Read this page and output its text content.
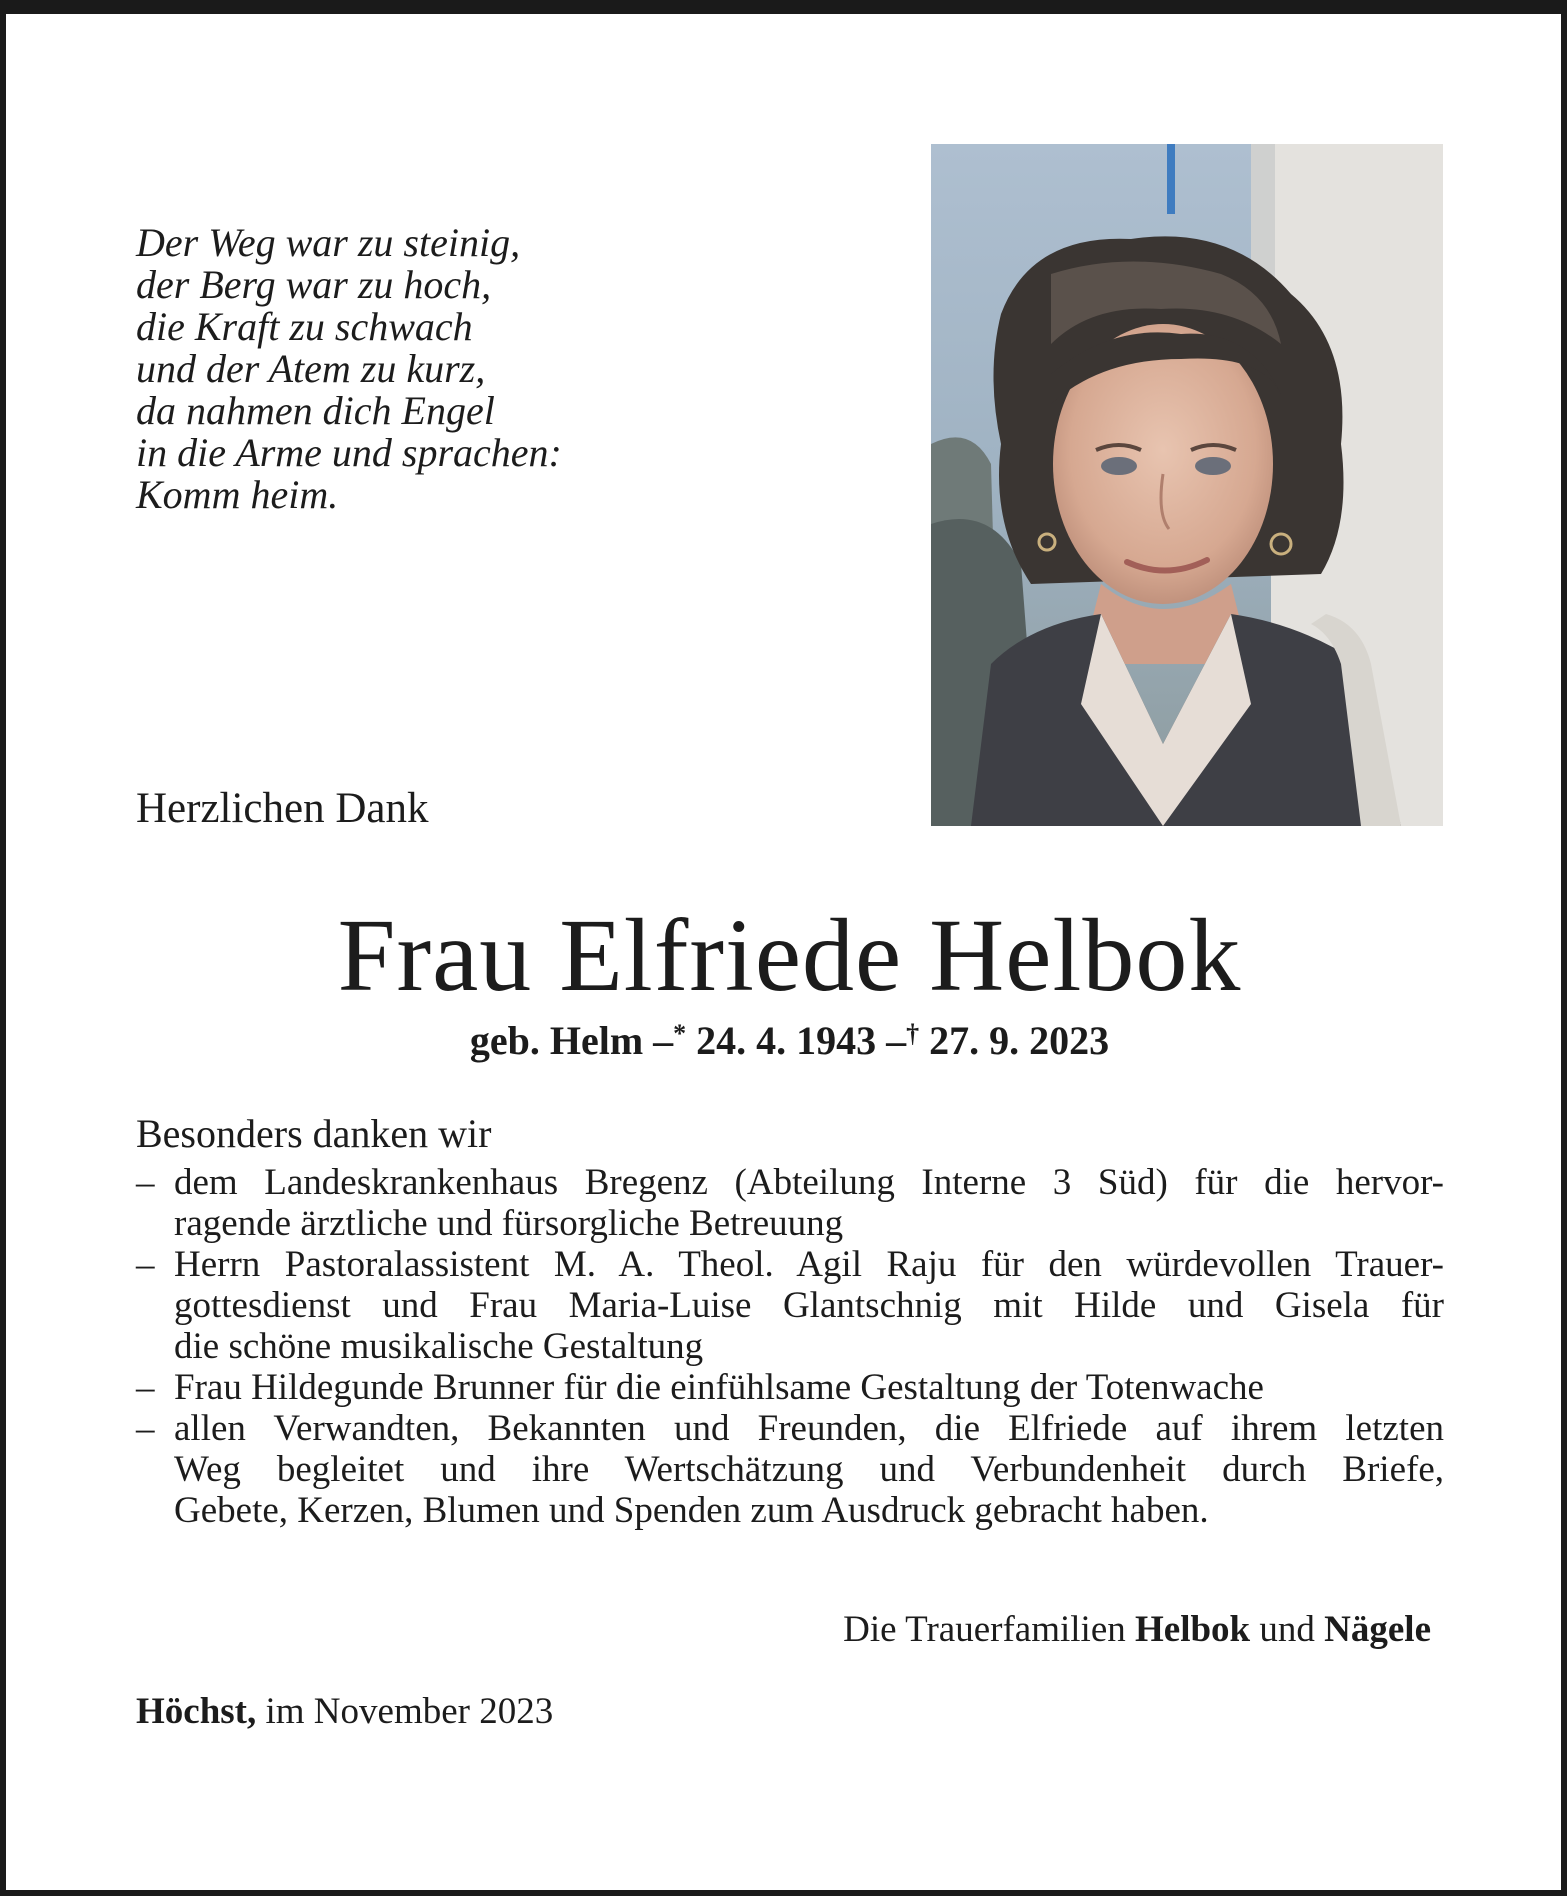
Der Weg war zu steinig,
der Berg war zu hoch,
die Kraft zu schwach
und der Atem zu kurz,
da nahmen dich Engel
in die Arme und sprachen:
Komm heim.
Herzlichen Dank
Frau Elfriede Helbok
geb. Helm –* 24. 4. 1943 –† 27. 9. 2023
Besonders danken wir
– dem Landeskrankenhaus Bregenz (Abteilung Interne 3 Süd) für die hervor-
ragende ärztliche und fürsorgliche Betreuung
– Herrn Pastoralassistent M. A. Theol. Agil Raju für den würdevollen Trauer-
gottesdienst und Frau Maria-Luise Glantschnig mit Hilde und Gisela für
die schöne musikalische Gestaltung
– Frau Hildegunde Brunner für die einfühlsame Gestaltung der Totenwache
– allen Verwandten, Bekannten und Freunden, die Elfriede auf ihrem letzten
Weg begleitet und ihre Wertschätzung und Verbundenheit durch Briefe,
Gebete, Kerzen, Blumen und Spenden zum Ausdruck gebracht haben.
Die Trauerfamilien Helbok und Nägele
Höchst, im November 2023
